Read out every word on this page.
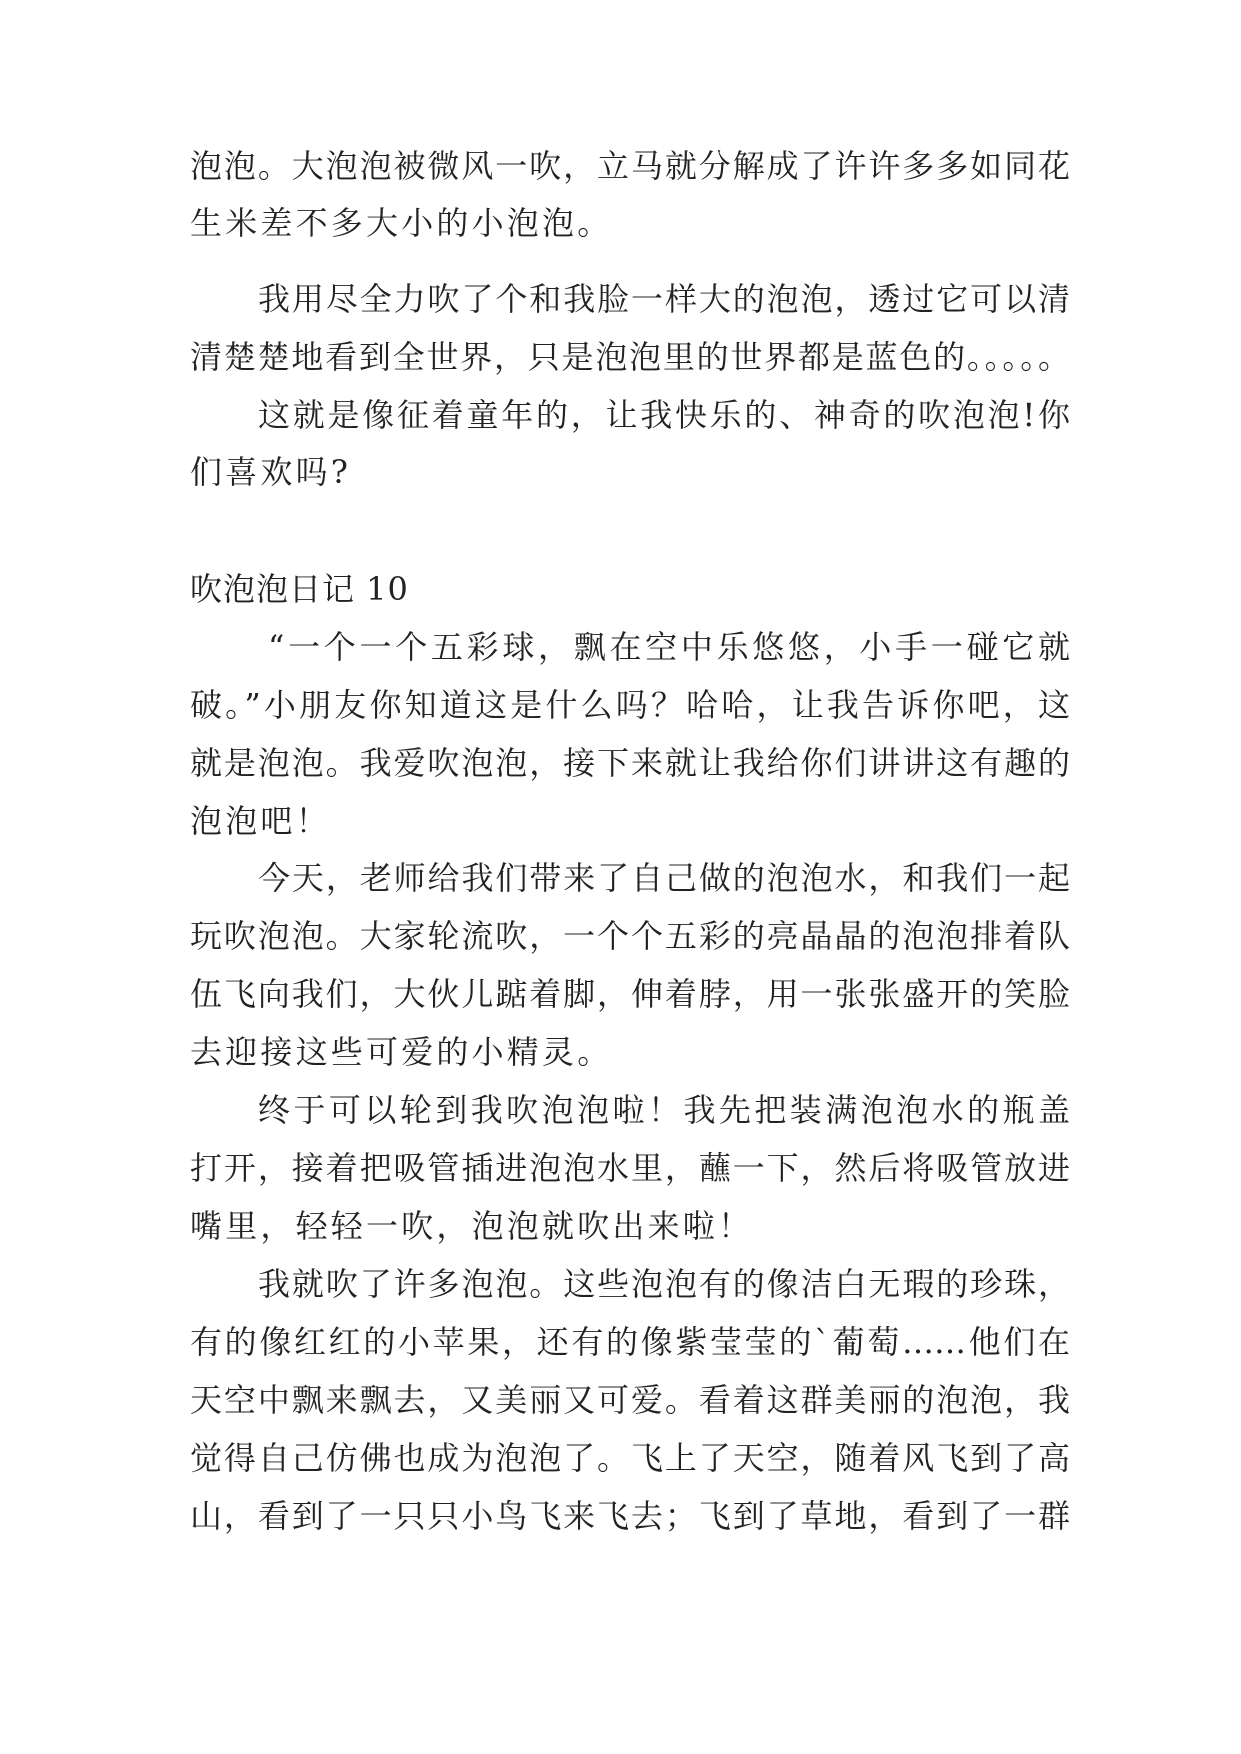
泡泡。大泡泡被微风一吹，立马就分解成了许许多多如同花
生米差不多大小的小泡泡。
我用尽全力吹了个和我脸一样大的泡泡，透过它可以清
清楚楚地看到全世界，只是泡泡里的世界都是蓝色的。。。。。
这就是像征着童年的，让我快乐的、神奇的吹泡泡!你
们喜欢吗?
吹泡泡日记 10
“一个一个五彩球，飘在空中乐悠悠，小手一碰它就
破。”小朋友你知道这是什么吗？哈哈，让我告诉你吧，这
就是泡泡。我爱吹泡泡，接下来就让我给你们讲讲这有趣的
泡泡吧！
今天，老师给我们带来了自己做的泡泡水，和我们一起
玩吹泡泡。大家轮流吹，一个个五彩的亮晶晶的泡泡排着队
伍飞向我们，大伙儿踮着脚，伸着脖，用一张张盛开的笑脸
去迎接这些可爱的小精灵。
终于可以轮到我吹泡泡啦！我先把装满泡泡水的瓶盖
打开，接着把吸管插进泡泡水里，蘸一下，然后将吸管放进
嘴里，轻轻一吹，泡泡就吹出来啦！
我就吹了许多泡泡。这些泡泡有的像洁白无瑕的珍珠，
有的像红红的小苹果，还有的像紫莹莹的`葡萄……他们在
天空中飘来飘去，又美丽又可爱。看着这群美丽的泡泡，我
觉得自己仿佛也成为泡泡了。飞上了天空，随着风飞到了高
山，看到了一只只小鸟飞来飞去；飞到了草地，看到了一群
